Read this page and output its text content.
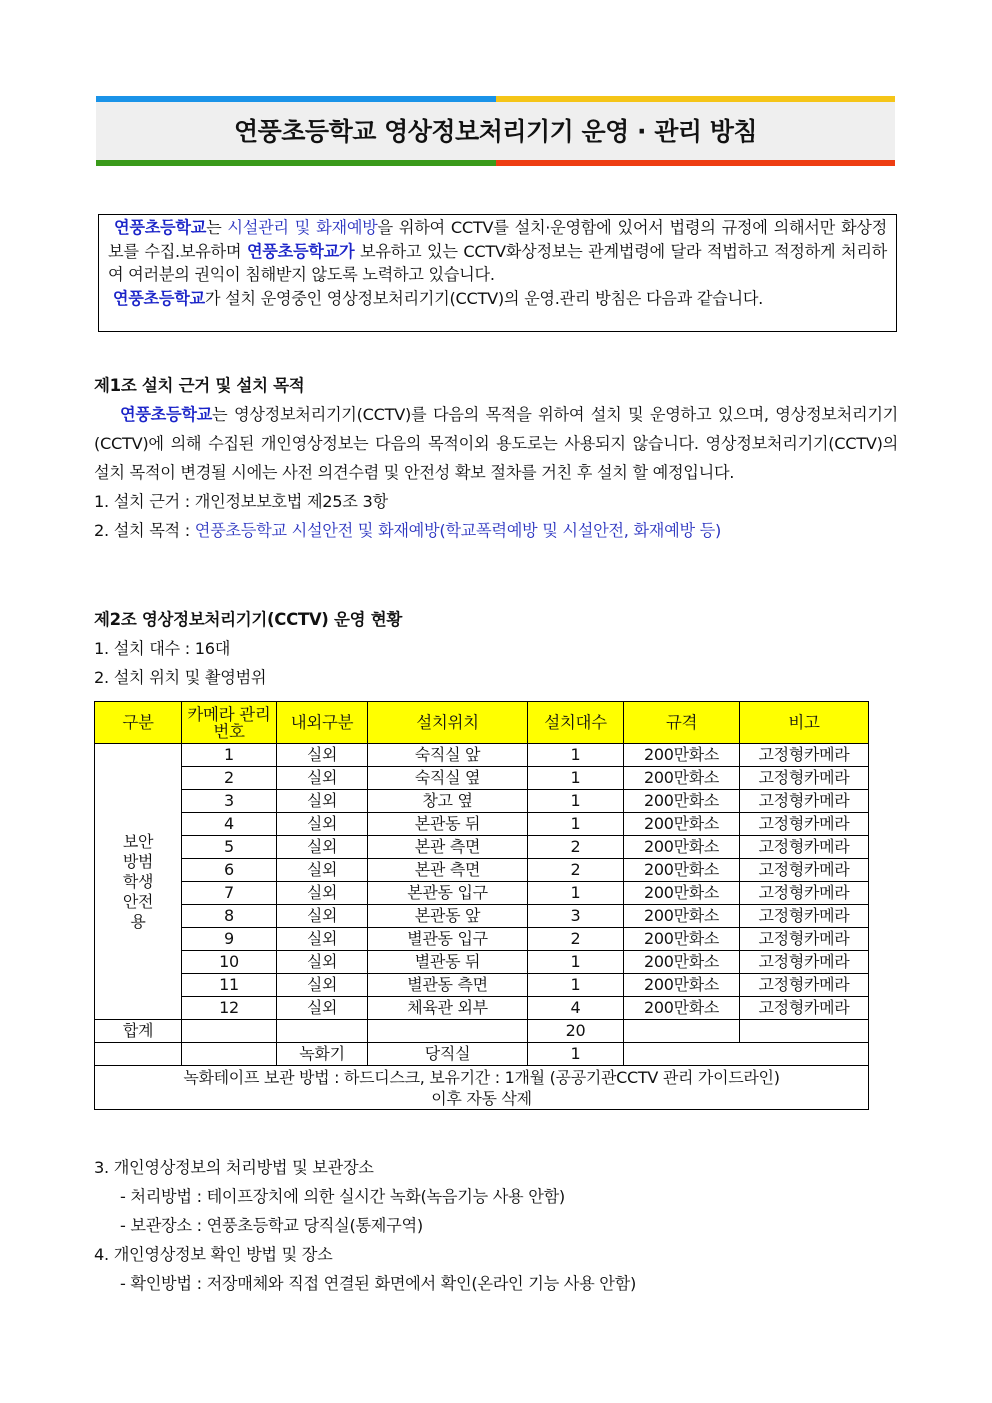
연풍초등학교 영상정보처리기기 운영 · 관리 방침

연풍초등학교는 시설관리 및 화재예방을 위하여 CCTV를 설치·운영함에 있어서 법령의 규정에 의해서만 화상정보를 수집.보유하며 연풍초등학교가 보유하고 있는 CCTV화상정보는 관계법령에 달라 적법하고 적정하게 처리하여 여러분의 권익이 침해받지 않도록 노력하고 있습니다.

연풍초등학교가 설치 운영중인 영상정보처리기기(CCTV)의 운영.관리 방침은 다음과 같습니다.

제1조 설치 근거 및 설치 목적
연풍초등학교는 영상정보처리기기(CCTV)를 다음의 목적을 위하여 설치 및 운영하고 있으며, 영상정보처리기기(CCTV)에 의해 수집된 개인영상정보는 다음의 목적이외 용도로는 사용되지 않습니다. 영상정보처리기기(CCTV)의 설치 목적이 변경될 시에는 사전 의견수렴 및 안전성 확보 절차를 거친 후 설치 할 예정입니다.
1. 설치 근거 : 개인정보보호법 제25조 3항
2. 설치 목적 : 연풍초등학교 시설안전 및 화재예방(학교폭력예방 및 시설안전, 화재예방 등)
제2조 영상정보처리기기(CCTV) 운영 현황
1. 설치 대수 : 16대
2. 설치 위치 및 촬영범위
구분	카메라 관리번호	내외구분	설치위치	설치대수	규격	비고

보안 방범 학생 안전용	1	실외	숙직실 앞	1	200만화소	고정형카메라
	2	실외	숙직실 옆	1	200만화소	고정형카메라
	3	실외	창고 옆	1	200만화소	고정형카메라
	4	실외	본관동 뒤	1	200만화소	고정형카메라
	5	실외	본관 측면	2	200만화소	고정형카메라
	6	실외	본관 측면	2	200만화소	고정형카메라
	7	실외	본관동 입구	1	200만화소	고정형카메라
	8	실외	본관동 앞	3	200만화소	고정형카메라
	9	실외	별관동 입구	2	200만화소	고정형카메라
	10	실외	별관동 뒤	1	200만화소	고정형카메라
	11	실외	별관동 측면	1	200만화소	고정형카메라
	12	실외	체육관 외부	4	200만화소	고정형카메라
합계				20		
		녹화기	당직실	1		

녹화테이프 보관 방법 : 하드디스크, 보유기간 : 1개월 (공공기관CCTV 관리 가이드라인)
이후 자동 삭제						
3. 개인영상정보의 처리방법 및 보관장소
- 처리방법 : 테이프장치에 의한 실시간 녹화(녹음기능 사용 안함)
- 보관장소 : 연풍초등학교 당직실(통제구역)
4. 개인영상정보 확인 방법 및 장소
- 확인방법 : 저장매체와 직접 연결된 화면에서 확인(온라인 기능 사용 안함)
